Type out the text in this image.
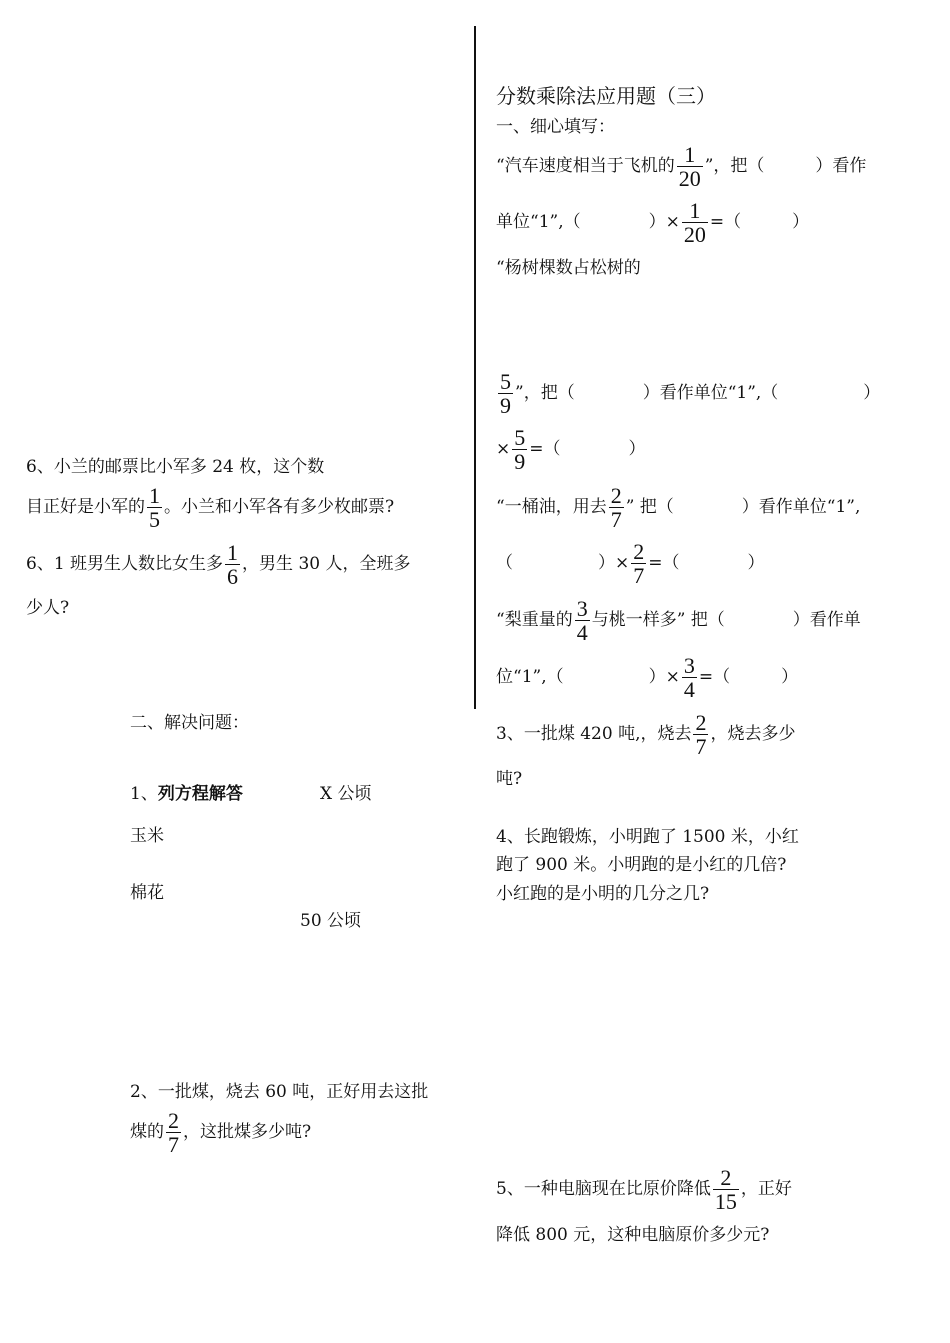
分数乘除法应用题（三）
一、细心填写：
“汽车速度相当于飞机的 $\frac{1}{20}$ ”，把（　　　）看作
单位“1”,（　　　　）× $\frac{1}{20}$ =（　　　）
“杨树棵数占松树的
$\frac{5}{9}$ ”，把（　　　　）看作单位“1”,（　　　　　）
× $\frac{5}{9}$ =（　　　　）
“一桶油，用去 $\frac{2}{7}$ ” 把（　　　　）看作单位“1”,
（　　　　　）× $\frac{2}{7}$ =（　　　　）
“梨重量的 $\frac{3}{4}$ 与桃一样多” 把（　　　　）看作单
位“1”,（　　　　　）× $\frac{3}{4}$ =（　　　）
3、一批煤 420 吨,，烧去 $\frac{2}{7}$ ，烧去多少
吨?
4、长跑锻炼，小明跑了 1500 米，小红
跑了 900 米。小明跑的是小红的几倍?
小红跑的是小明的几分之几?
5、一种电脑现在比原价降低 $\frac{2}{15}$ ，正好
降低 800 元，这种电脑原价多少元?
6、小兰的邮票比小军多 24 枚，这个数
目正好是小军的 $\frac{1}{5}$ 。小兰和小军各有多少枚邮票?
6、1 班男生人数比女生多 $\frac{1}{6}$ ，男生 30 人，全班多
少人?
二、解决问题：
1、列方程解答	X 公顷
玉米
棉花
50 公顷
2、一批煤，烧去 60 吨，正好用去这批
煤的 $\frac{2}{7}$ ，这批煤多少吨?
